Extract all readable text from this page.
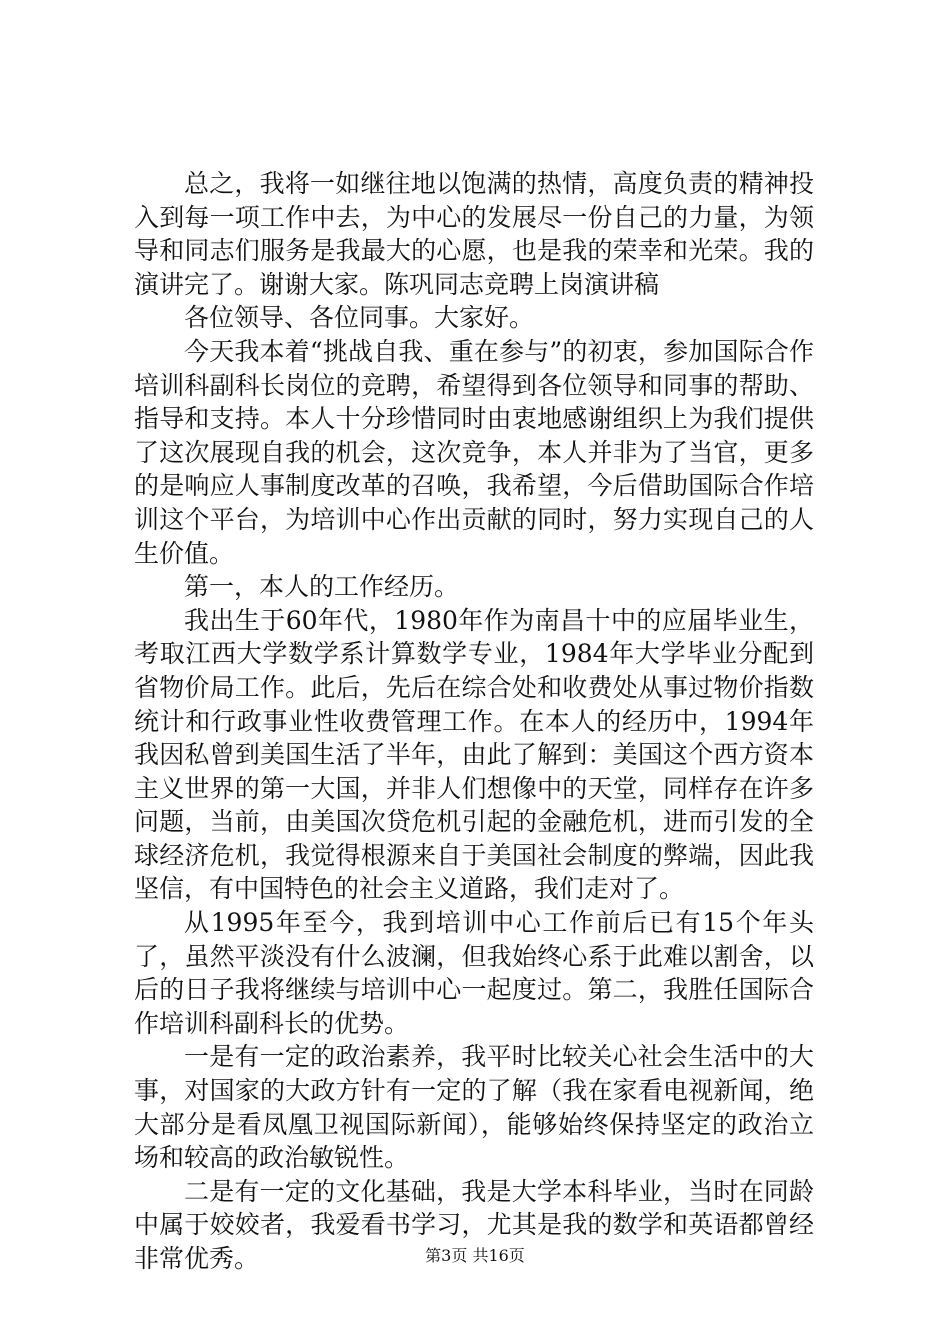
总之，我将一如继往地以饱满的热情，高度负责的精神投入到每一项工作中去，为中心的发展尽一份自己的力量，为领导和同志们服务是我最大的心愿，也是我的荣幸和光荣。我的演讲完了。谢谢大家。陈巩同志竞聘上岗演讲稿

各位领导、各位同事。大家好。

今天我本着“挑战自我、重在参与”的初衷，参加国际合作培训科副科长岗位的竞聘，希望得到各位领导和同事的帮助、指导和支持。本人十分珍惜同时由衷地感谢组织上为我们提供了这次展现自我的机会，这次竞争，本人并非为了当官，更多的是响应人事制度改革的召唤，我希望，今后借助国际合作培训这个平台，为培训中心作出贡献的同时，努力实现自己的人生价值。

第一，本人的工作经历。

我出生于60年代，1980年作为南昌十中的应届毕业生，考取江西大学数学系计算数学专业，1984年大学毕业分配到省物价局工作。此后，先后在综合处和收费处从事过物价指数统计和行政事业性收费管理工作。在本人的经历中，1994年我因私曾到美国生活了半年，由此了解到：美国这个西方资本主义世界的第一大国，并非人们想像中的天堂，同样存在许多问题，当前，由美国次贷危机引起的金融危机，进而引发的全球经济危机，我觉得根源来自于美国社会制度的弊端，因此我坚信，有中国特色的社会主义道路，我们走对了。

从1995年至今，我到培训中心工作前后已有15个年头了，虽然平淡没有什么波澜，但我始终心系于此难以割舍，以后的日子我将继续与培训中心一起度过。第二，我胜任国际合作培训科副科长的优势。

一是有一定的政治素养，我平时比较关心社会生活中的大事，对国家的大政方针有一定的了解（我在家看电视新闻，绝大部分是看凤凰卫视国际新闻），能够始终保持坚定的政治立场和较高的政治敏锐性。

二是有一定的文化基础，我是大学本科毕业，当时在同龄中属于姣姣者，我爱看书学习，尤其是我的数学和英语都曾经非常优秀。	第3页 共16页
